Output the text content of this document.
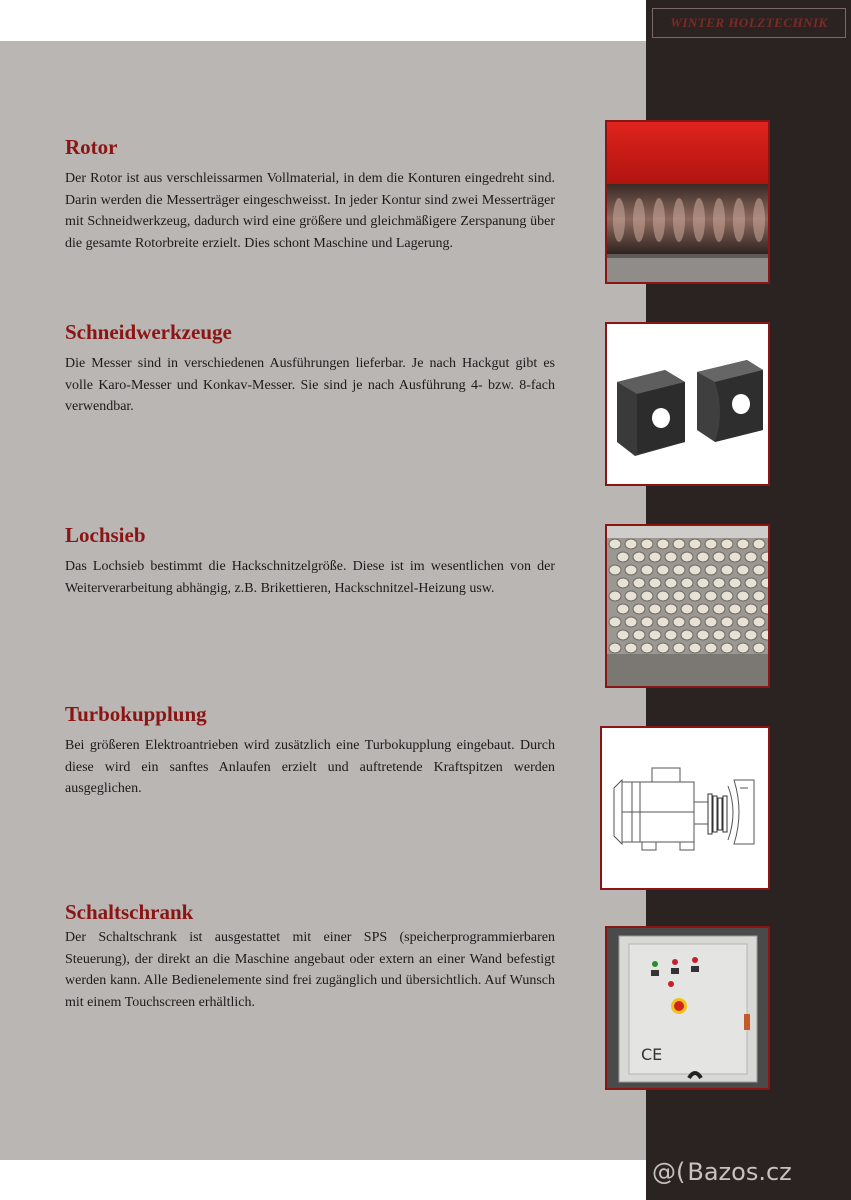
WINTER HOLZTECHNIK
Rotor

Der Rotor ist aus verschleissarmen Vollmaterial, in dem die Konturen eingedreht sind. Darin werden die Messerträger eingeschweisst. In jeder Kontur sind zwei Messerträger mit Schneidwerkzeug, dadurch wird eine größere und gleichmäßigere Zerspanung über die gesamte Rotorbreite erzielt. Dies schont Maschine und Lagerung.

Schneidwerkzeuge

Die Messer sind in verschiedenen Ausführungen lieferbar. Je nach Hackgut gibt es volle Karo-Messer und Konkav-Messer. Sie sind je nach Ausführung 4- bzw. 8-fach verwendbar.

Lochsieb

Das Lochsieb bestimmt die Hackschnitzelgröße. Diese ist im wesentlichen von der Weiterverarbeitung abhängig, z.B. Brikettieren, Hackschnitzel-Heizung usw.

Turbokupplung

Bei größeren Elektroantrieben wird zusätzlich eine Turbokupplung eingebaut. Durch diese wird ein sanftes Anlaufen erzielt und auftretende Kraftspitzen werden ausgeglichen.

Schaltschrank

Der Schaltschrank ist ausgestattet mit einer SPS (speicherprogrammierbaren Steuerung), der direkt an die Maschine angebaut oder extern an einer Wand befestigt werden kann. Alle Bedienelemente sind frei zugänglich und übersichtlich. Auf Wunsch mit einem Touchscreen erhältlich.

CE
@( Bazos.cz
